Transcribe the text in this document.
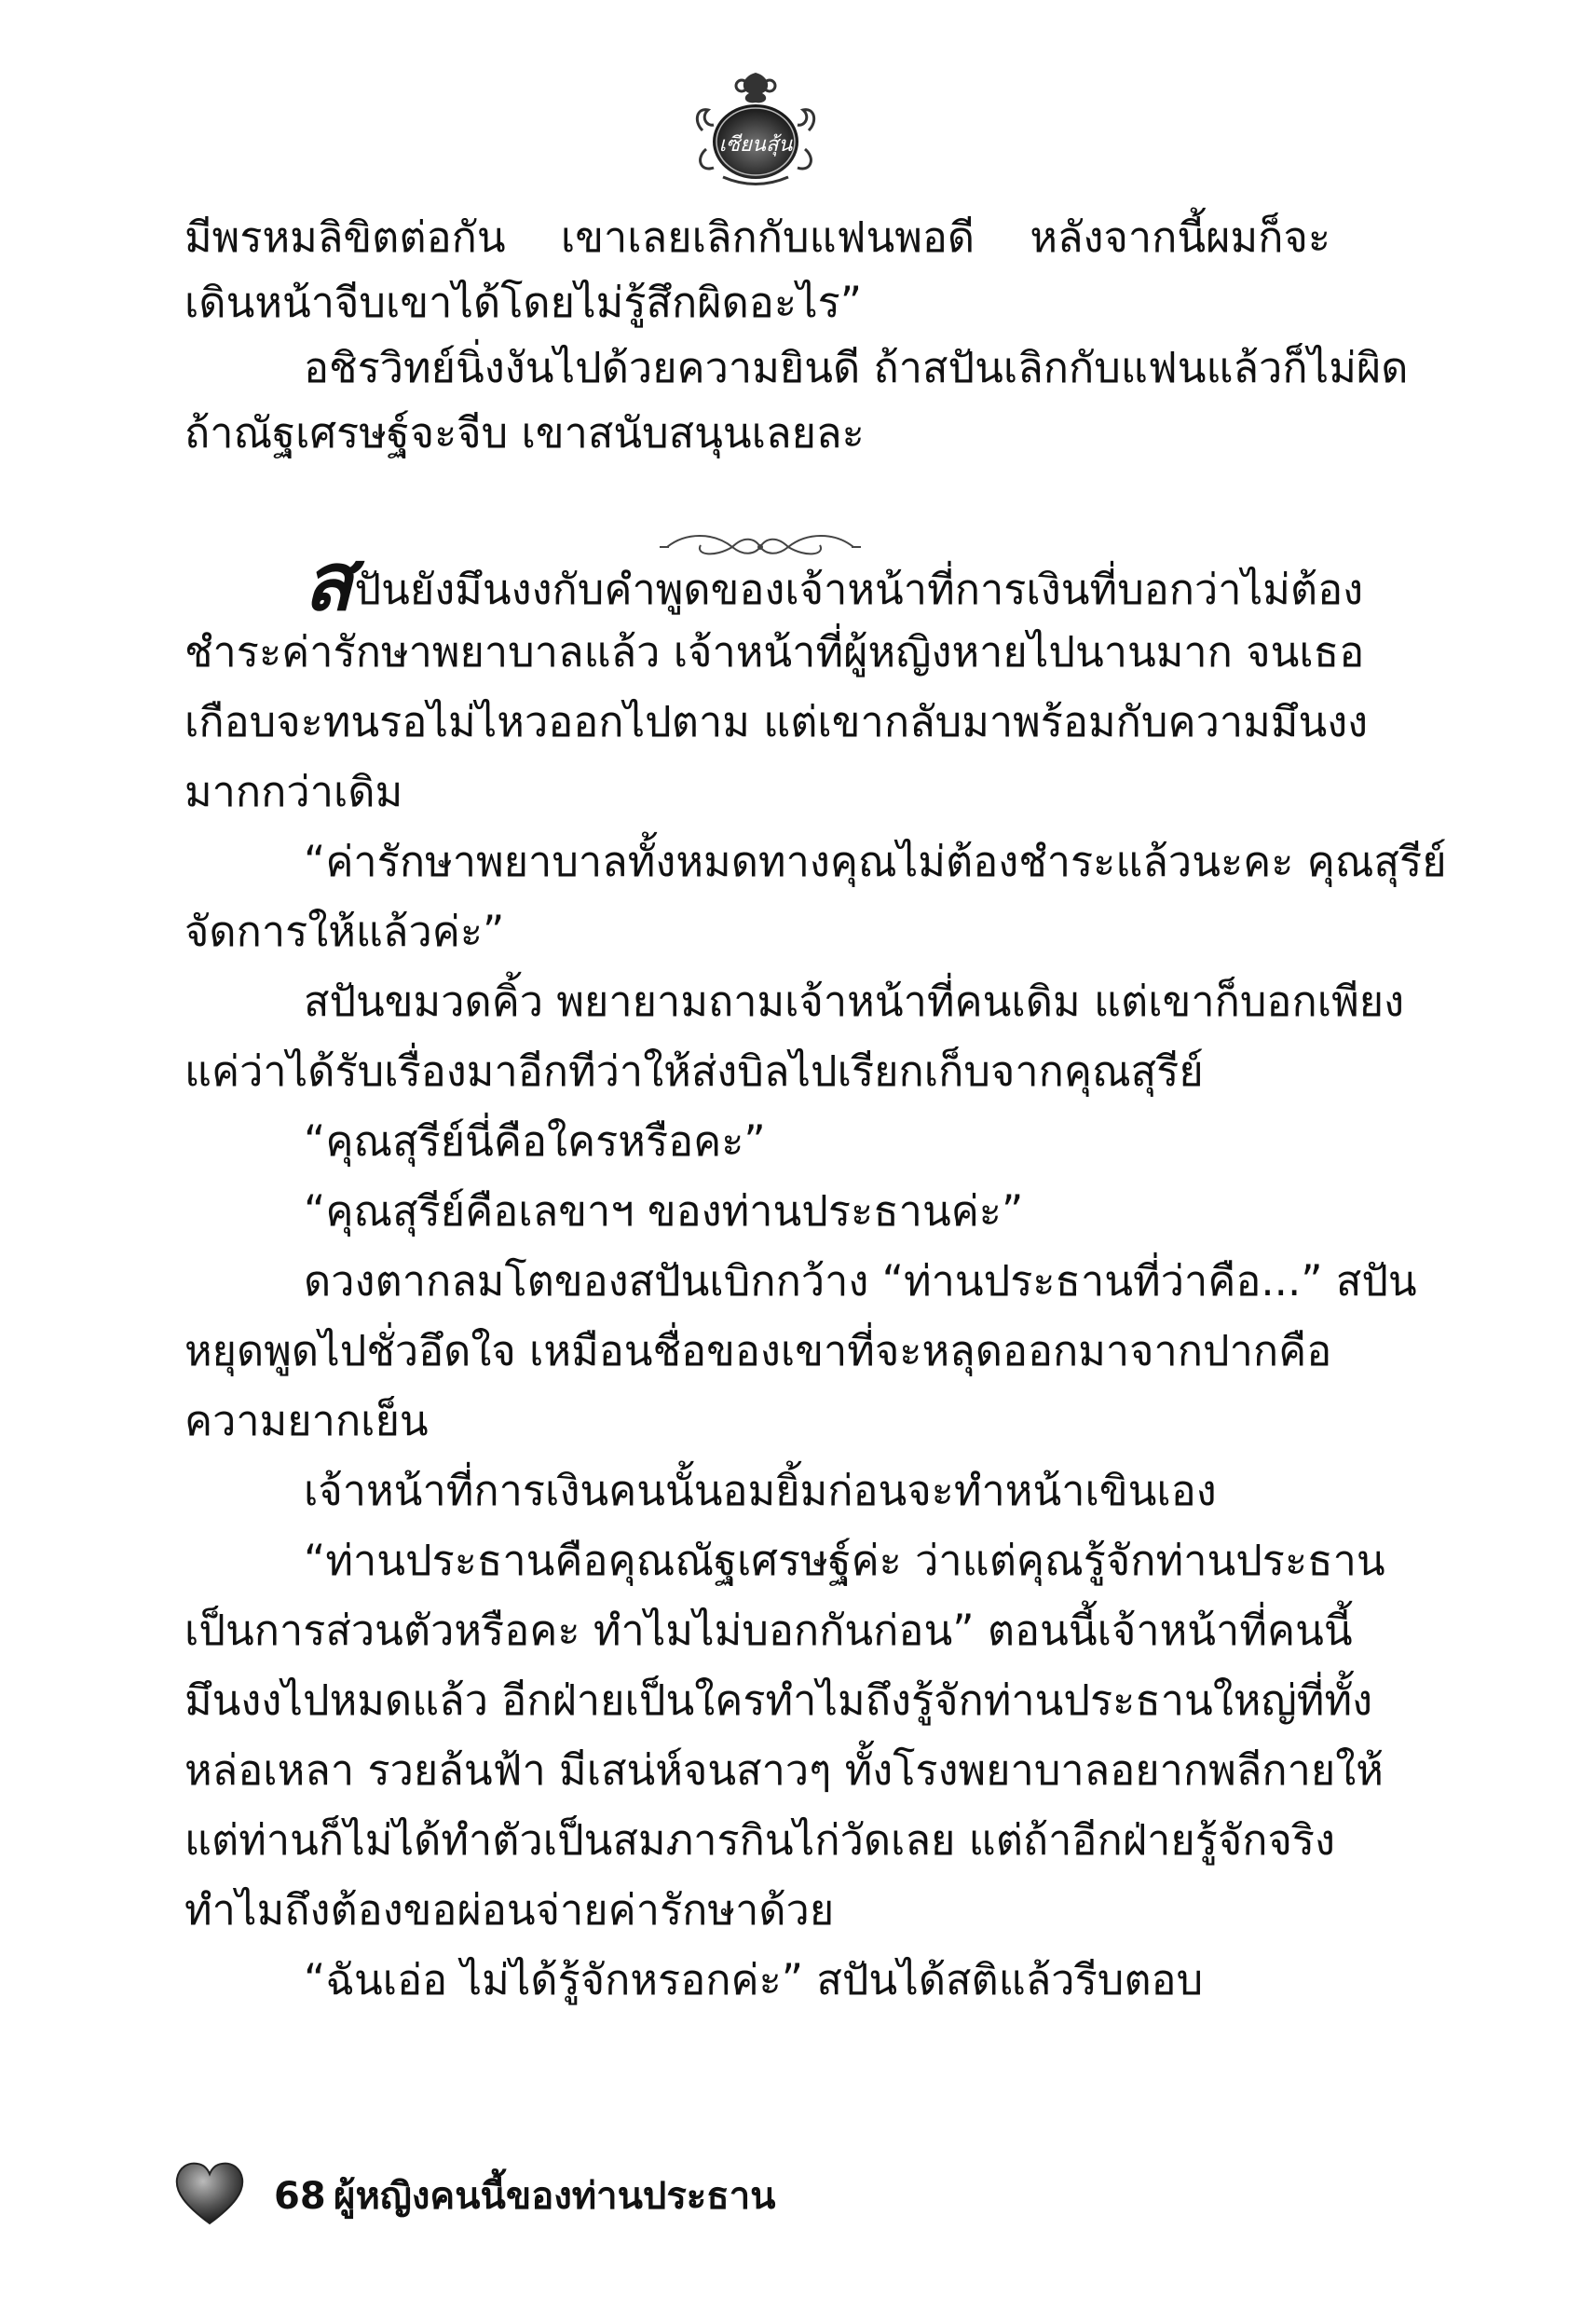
เซียนสุ้น
มีพรหมลิขิตต่อกัน เขาเลยเลิกกับแฟนพอดี หลังจากนี้ผมก็จะ
เดินหน้าจีบเขาได้โดยไม่รู้สึกผิดอะไร”
อชิรวิทย์นิ่งงันไปด้วยความยินดี ถ้าสปันเลิกกับแฟนแล้วก็ไม่ผิด
ถ้าณัฐเศรษฐ์จะจีบ เขาสนับสนุนเลยละ
สปันยังมึนงงกับคำพูดของเจ้าหน้าที่การเงินที่บอกว่าไม่ต้อง
ชำระค่ารักษาพยาบาลแล้ว เจ้าหน้าที่ผู้หญิงหายไปนานมาก จนเธอ
เกือบจะทนรอไม่ไหวออกไปตาม แต่เขากลับมาพร้อมกับความมึนงง
มากกว่าเดิม
“ค่ารักษาพยาบาลทั้งหมดทางคุณไม่ต้องชำระแล้วนะคะ คุณสุรีย์
จัดการให้แล้วค่ะ”
สปันขมวดคิ้ว พยายามถามเจ้าหน้าที่คนเดิม แต่เขาก็บอกเพียง
แค่ว่าได้รับเรื่องมาอีกทีว่าให้ส่งบิลไปเรียกเก็บจากคุณสุรีย์
“คุณสุรีย์นี่คือใครหรือคะ”
“คุณสุรีย์คือเลขาฯ ของท่านประธานค่ะ”
ดวงตากลมโตของสปันเบิกกว้าง “ท่านประธานที่ว่าคือ...” สปัน
หยุดพูดไปชั่วอึดใจ เหมือนชื่อของเขาที่จะหลุดออกมาจากปากคือ
ความยากเย็น
เจ้าหน้าที่การเงินคนนั้นอมยิ้มก่อนจะทำหน้าเขินเอง
“ท่านประธานคือคุณณัฐเศรษฐ์ค่ะ ว่าแต่คุณรู้จักท่านประธาน
เป็นการส่วนตัวหรือคะ ทำไมไม่บอกกันก่อน” ตอนนี้เจ้าหน้าที่คนนี้
มึนงงไปหมดแล้ว อีกฝ่ายเป็นใครทำไมถึงรู้จักท่านประธานใหญ่ที่ทั้ง
หล่อเหลา รวยล้นฟ้า มีเสน่ห์จนสาวๆ ทั้งโรงพยาบาลอยากพลีกายให้
แต่ท่านก็ไม่ได้ทำตัวเป็นสมภารกินไก่วัดเลย แต่ถ้าอีกฝ่ายรู้จักจริง
ทำไมถึงต้องขอผ่อนจ่ายค่ารักษาด้วย
“ฉันเอ่อ ไม่ได้รู้จักหรอกค่ะ” สปันได้สติแล้วรีบตอบ
68 ผู้หญิงคนนี้ของท่านประธาน
